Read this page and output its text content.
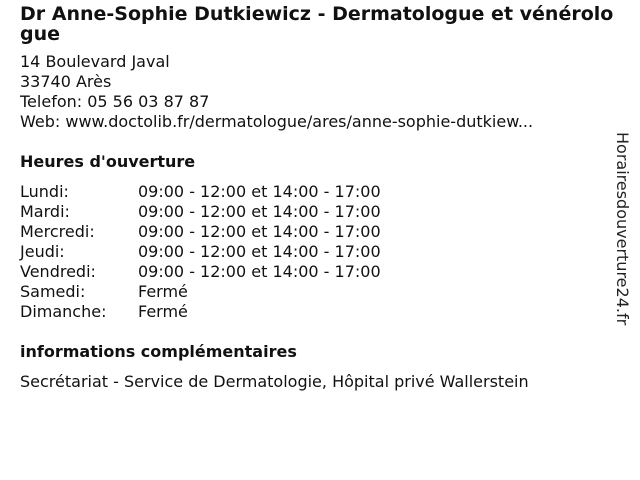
Dr Anne-Sophie Dutkiewicz - Dermatologue et vénérologue
14 Boulevard Javal
33740 Arès
Telefon: 05 56 03 87 87
Web: www.doctolib.fr/dermatologue/ares/anne-sophie-dutkiew...
Heures d'ouverture
Lundi:	09:00 - 12:00 et 14:00 - 17:00
Mardi:	09:00 - 12:00 et 14:00 - 17:00
Mercredi:	09:00 - 12:00 et 14:00 - 17:00
Jeudi:	09:00 - 12:00 et 14:00 - 17:00
Vendredi:	09:00 - 12:00 et 14:00 - 17:00
Samedi:	Fermé
Dimanche:	Fermé
informations complémentaires
Secrétariat - Service de Dermatologie, Hôpital privé Wallerstein
Horairesdouverture24.fr
